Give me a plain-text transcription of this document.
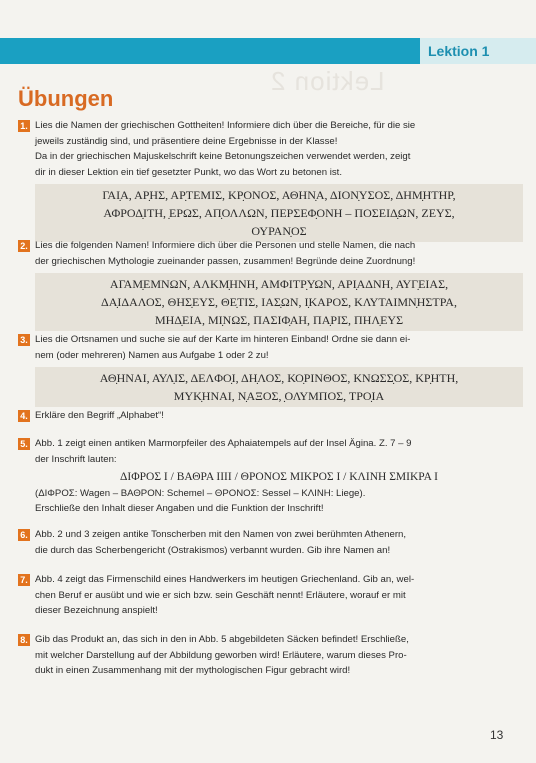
Lektion 1
Lektion 2
Übungen
1. Lies die Namen der griechischen Gottheiten! Informiere dich über die Bereiche, für die sie
jeweils zuständig sind, und präsentiere deine Ergebnisse in der Klasse!
Da in der griechischen Majuskelschrift keine Betonungszeichen verwendet werden, zeigt
dir in dieser Lektion ein tief gesetzter Punkt, wo das Wort zu betonen ist.
ΓΑΙ̣Α, ΑΡ̣ΗΣ, ΑΡ̣ΤΕΜΙΣ, ΚΡ̣ΟΝΟΣ, ΑΘΗΝ̣Α, ΔΙΟΝ̣ΥΣΟΣ, ΔΗΜ̣ΗΤΗΡ,
ΑΦΡΟΔ̣ΙΤΗ, ̣ΕΡΩΣ, ΑΠ̣ΟΛΛΩΝ, ΠΕΡΣΕΦ̣ΟΝΗ – ΠΟΣΕΙΔ̣ΩΝ, ΖΕΥΣ,
ΟΥΡΑΝ̣ΟΣ
2. Lies die folgenden Namen! Informiere dich über die Personen und stelle Namen, die nach
der griechischen Mythologie zueinander passen, zusammen! Begründe deine Zuordnung!
ΑΓΑΜ̣ΕΜΝΩΝ, ΑΛΚΜ̣ΗΝΗ, ΑΜΦΙΤΡ̣ΥΩΝ, ΑΡΙ̣ΑΔΝΗ, ΑΥΓ̣ΕΙΑΣ,
ΔΑ̣ΙΔΑΛΟΣ, ΘΗΣ̣ΕΥΣ, ΘΕ̣ΤΙΣ, ΙΑΣ̣ΩΝ, Ι̣ΚΑΡΟΣ, ΚΛΥΤΑΙΜΝ̣ΗΣΤΡΑ,
ΜΗΔ̣ΕΙΑ, ΜΙ̣ΝΩΣ, ΠΑΣΙΦ̣ΑΗ, ΠΑ̣ΡΙΣ, ΠΗΛ̣ΕΥΣ
3. Lies die Ortsnamen und suche sie auf der Karte im hinteren Einband! Ordne sie dann ei-
nem (oder mehreren) Namen aus Aufgabe 1 oder 2 zu!
ΑΘ̣ΗΝΑΙ, ΑΥΛ̣ΙΣ, ΔΕΛΦΟ̣Ι, ΔΗ̣ΛΟΣ, ΚΟ̣ΡΙΝΘΟΣ, ΚΝΩΣΣ̣ΟΣ, ΚΡ̣ΗΤΗ,
ΜΥΚ̣ΗΝΑΙ, Ν̣ΑΞΟΣ, ̣ΟΛΥΜΠΟΣ, ΤΡΟ̣ΙΑ
4. Erkläre den Begriff „Alphabet“!
5. Abb. 1 zeigt einen antiken Marmorpfeiler des Aphaiatempels auf der Insel Ägina. Z. 7 – 9
der Inschrift lauten:
ΔΙΦΡΟΣ Ι / ΒΑΘΡΑ ΙΙΙΙ / ΘΡΟΝΟΣ ΜΙΚΡΟΣ Ι / ΚΛΙΝΗ ΣΜΙΚΡΑ Ι
(ΔΙΦΡΟΣ: Wagen – ΒΑΘΡΟΝ: Schemel – ΘΡΟΝΟΣ: Sessel – ΚΛΙΝΗ: Liege).
Erschließe den Inhalt dieser Angaben und die Funktion der Inschrift!
6. Abb. 2 und 3 zeigen antike Tonscherben mit den Namen von zwei berühmten Athenern,
die durch das Scherbengericht (Ostrakismos) verbannt wurden. Gib ihre Namen an!
7. Abb. 4 zeigt das Firmenschild eines Handwerkers im heutigen Griechenland. Gib an, wel-
chen Beruf er ausübt und wie er sich bzw. sein Geschäft nennt! Erläutere, worauf er mit
dieser Bezeichnung anspielt!
8. Gib das Produkt an, das sich in den in Abb. 5 abgebildeten Säcken befindet! Erschließe,
mit welcher Darstellung auf der Abbildung geworben wird! Erläutere, warum dieses Pro-
dukt in einen Zusammenhang mit der mythologischen Figur gebracht wird!
13
